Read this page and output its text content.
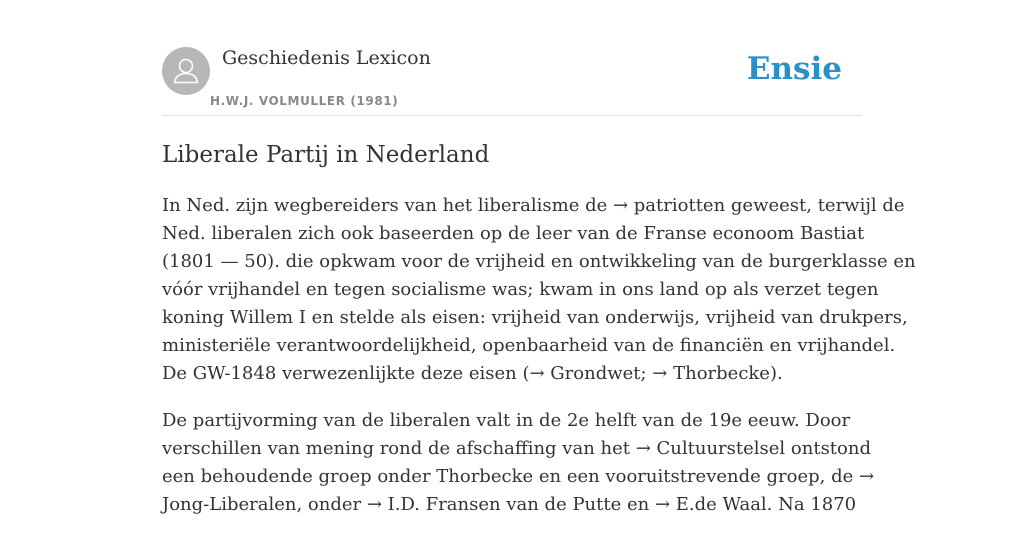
Geschiedenis Lexicon
H.W.J. VOLMULLER (1981)
Ensie
Liberale Partij in Nederland

In Ned. zijn wegbereiders van het liberalisme de → patriotten geweest, terwijl de
Ned. liberalen zich ook baseerden op de leer van de Franse econoom Bastiat
(1801 — 50). die opkwam voor de vrijheid en ontwikkeling van de burgerklasse en
vóór vrijhandel en tegen socialisme was; kwam in ons land op als verzet tegen
koning Willem I en stelde als eisen: vrijheid van onderwijs, vrijheid van drukpers,
ministeriële verantwoordelijkheid, openbaarheid van de financiën en vrijhandel.
De GW-1848 verwezenlijkte deze eisen (→ Grondwet; → Thorbecke).

De partijvorming van de liberalen valt in de 2e helft van de 19e eeuw. Door
verschillen van mening rond de afschaffing van het → Cultuurstelsel ontstond
een behoudende groep onder Thorbecke en een vooruitstrevende groep, de →
Jong-Liberalen, onder → I.D. Fransen van de Putte en → E.de Waal. Na 1870
